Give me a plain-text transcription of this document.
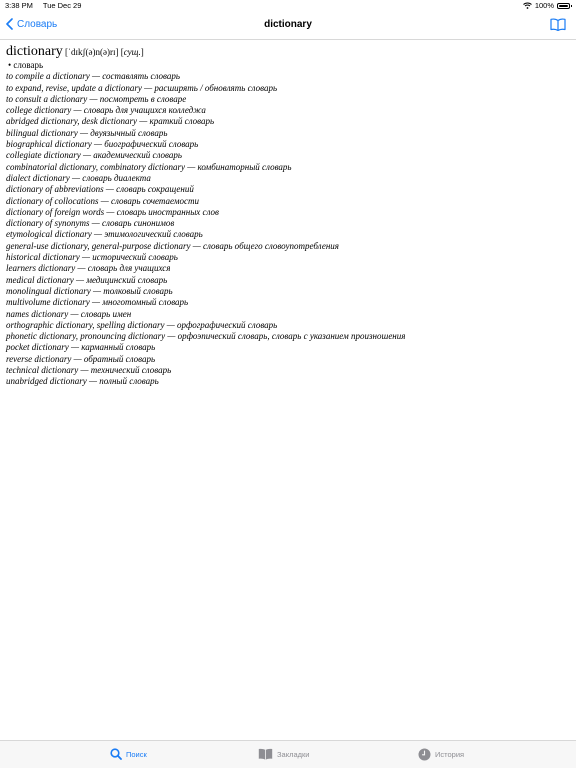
3:38 PM Tue Dec 29	100%
Словарь	dictionary
dictionary [ˈdɪkʃ(ə)n(ə)rɪ] [сущ.]
• словарь
to compile a dictionary — составлять словарь
to expand, revise, update a dictionary — расширять / обновлять словарь
to consult a dictionary — посмотреть в словаре
college dictionary — словарь для учащихся колледжа
abridged dictionary, desk dictionary — краткий словарь
bilingual dictionary — двуязычный словарь
biographical dictionary — биографический словарь
collegiate dictionary — академический словарь
combinatorial dictionary, combinatory dictionary — комбинаторный словарь
dialect dictionary — словарь диалекта
dictionary of abbreviations — словарь сокращений
dictionary of collocations — словарь сочетаемости
dictionary of foreign words — словарь иностранных слов
dictionary of synonyms — словарь синонимов
etymological dictionary — этимологический словарь
general-use dictionary, general-purpose dictionary — словарь общего словоупотребления
historical dictionary — исторический словарь
learners dictionary — словарь для учащихся
medical dictionary — медицинский словарь
monolingual dictionary — толковый словарь
multivolume dictionary — многотомный словарь
names dictionary — словарь имен
orthographic dictionary, spelling dictionary — орфографический словарь
phonetic dictionary, pronouncing dictionary — орфоэпический словарь, словарь с указанием произношения
pocket dictionary — карманный словарь
reverse dictionary — обратный словарь
technical dictionary — технический словарь
unabridged dictionary — полный словарь
Поиск	Закладки	История
